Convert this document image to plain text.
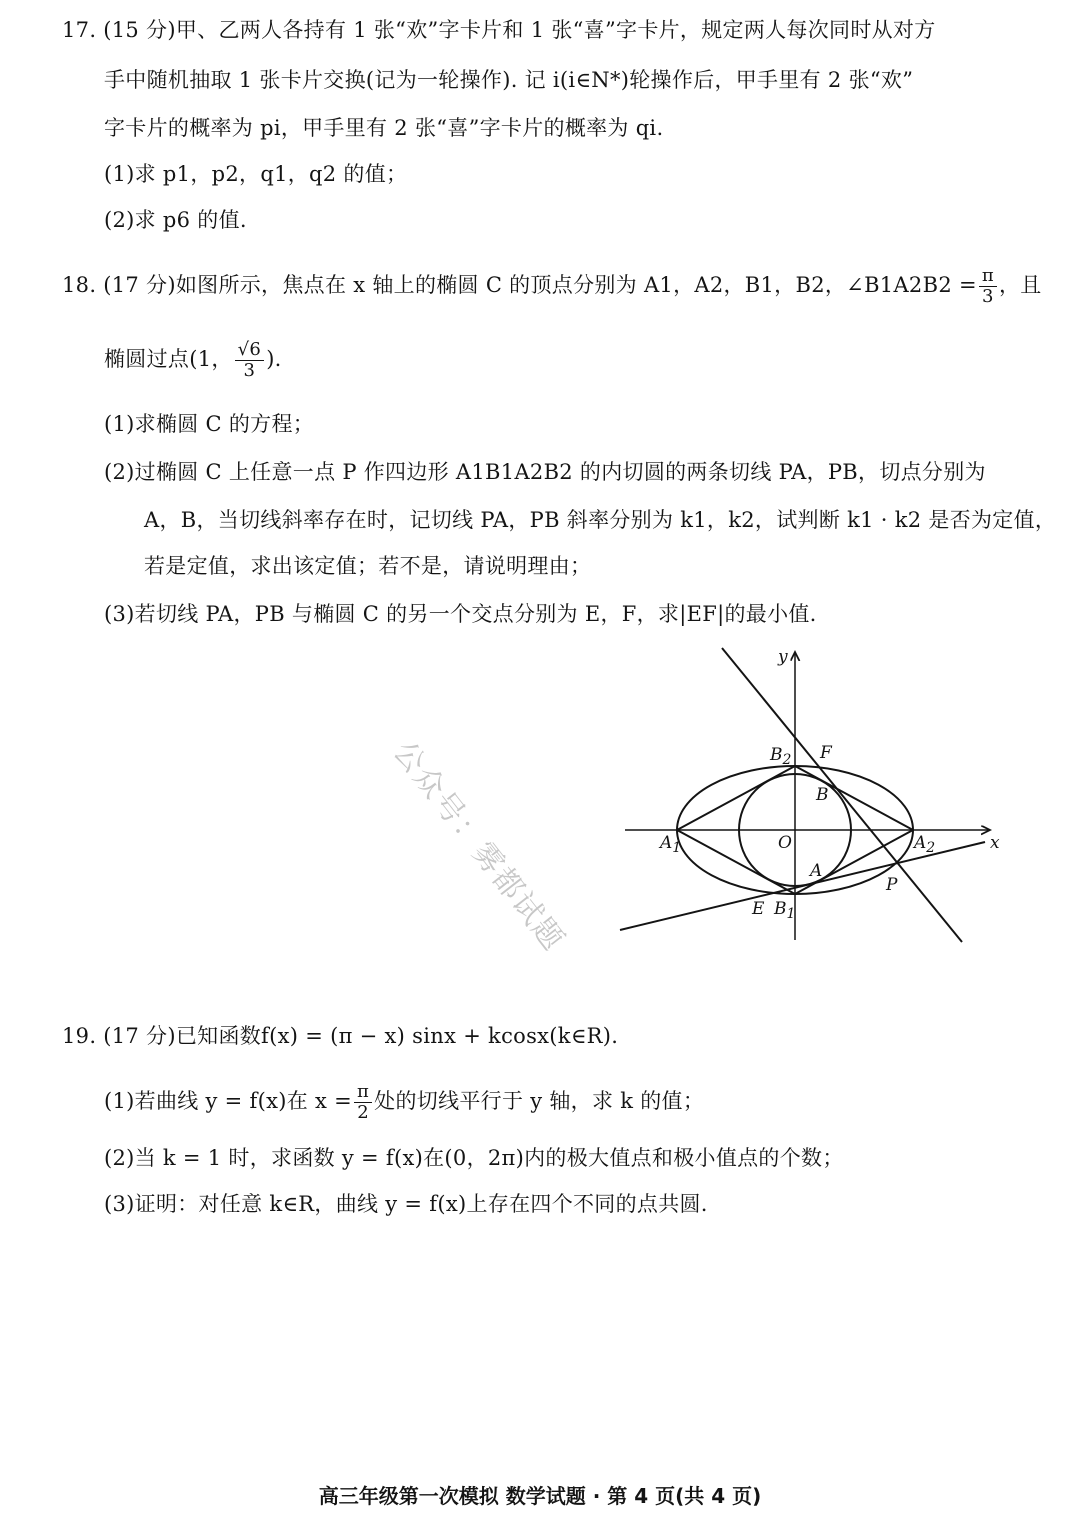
17. (15 分)甲、乙两人各持有 1 张“欢”字卡片和 1 张“喜”字卡片，规定两人每次同时从对方
手中随机抽取 1 张卡片交换(记为一轮操作). 记 i(i∈N*)轮操作后，甲手里有 2 张“欢”
字卡片的概率为 pi，甲手里有 2 张“喜”字卡片的概率为 qi.
(1)求 p1，p2，q1，q2 的值；
(2)求 p6 的值.
18. (17 分)如图所示，焦点在 x 轴上的椭圆 C 的顶点分别为 A1，A2，B1，B2，∠B1A2B2 = $\frac{\pi}{3}$ ，且
椭圆过点(1， $\frac{√6}{3}$ ).
(1)求椭圆 C 的方程；
(2)过椭圆 C 上任意一点 P 作四边形 A1B1A2B2 的内切圆的两条切线 PA，PB，切点分别为
A，B，当切线斜率存在时，记切线 PA，PB 斜率分别为 k1，k2，试判断 k1 · k2 是否为定值，
若是定值，求出该定值；若不是，请说明理由；
(3)若切线 PA，PB 与椭圆 C 的另一个交点分别为 E，F，求|EF|的最小值.
y
x
O
$A_1$	$A_2$
$B_1$
$B_2$ F
B
A
E
P
公众号：雾都试题
19. (17 分)已知函数f(x) = (π − x) sinx + kcosx(k∈R).
(1)若曲线 y = f(x)在 $x = \frac{\pi}{2}$ 处的切线平行于 y 轴，求 k 的值；
(2)当 k = 1 时，求函数 y = f(x)在(0，2π)内的极大值点和极小值点的个数；
(3)证明：对任意 k∈R，曲线 y = f(x)上存在四个不同的点共圆.
高三年级第一次模拟 数学试题 · 第 4 页(共 4 页)
